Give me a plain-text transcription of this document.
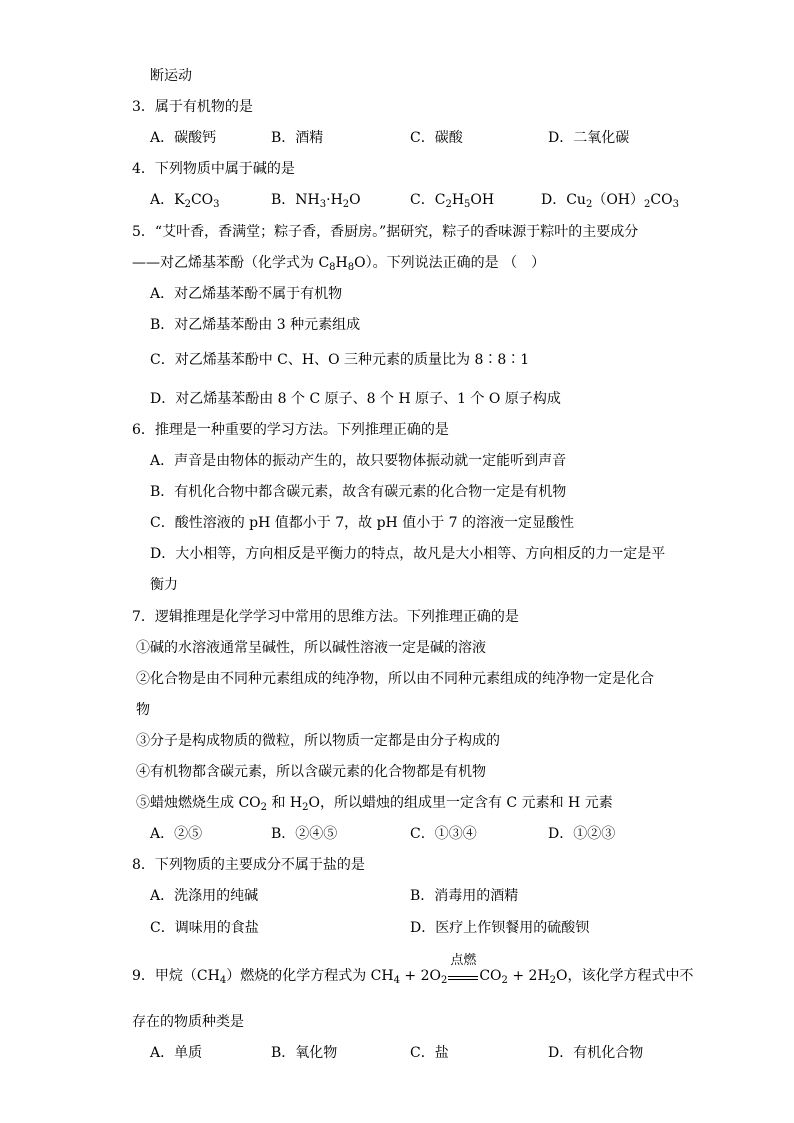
断运动
3．属于有机物的是
A．碳酸钙	B．酒精	C．碳酸	D．二氧化碳
4．下列物质中属于碱的是
A．$K_2CO_3$	B．$NH_3\cdot H_2O$	C．$C_2H_5OH$	D．$Cu_2(OH)_2CO_3$
5．“艾叶香，香满堂；粽子香，香厨房。”据研究，粽子的香味源于粽叶的主要成分
——对乙烯基苯酚（化学式为 $C_8H_8O$）。下列说法正确的是 （　）
A．对乙烯基苯酚不属于有机物
B．对乙烯基苯酚由 3 种元素组成
C．对乙烯基苯酚中 C、H、O 三种元素的质量比为 8∶8∶1
D．对乙烯基苯酚由 8 个 C 原子、8 个 H 原子、1 个 O 原子构成
6．推理是一种重要的学习方法。下列推理正确的是
A．声音是由物体的振动产生的，故只要物体振动就一定能听到声音
B．有机化合物中都含碳元素，故含有碳元素的化合物一定是有机物
C．酸性溶液的 pH 值都小于 7，故 pH 值小于 7 的溶液一定显酸性
D．大小相等，方向相反是平衡力的特点，故凡是大小相等、方向相反的力一定是平
衡力
7．逻辑推理是化学学习中常用的思维方法。下列推理正确的是
①碱的水溶液通常呈碱性，所以碱性溶液一定是碱的溶液
②化合物是由不同种元素组成的纯净物，所以由不同种元素组成的纯净物一定是化合
物
③分子是构成物质的微粒，所以物质一定都是由分子构成的
④有机物都含碳元素，所以含碳元素的化合物都是有机物
⑤蜡烛燃烧生成 $CO_2$ 和 $H_2O$，所以蜡烛的组成里一定含有 C 元素和 H 元素
A．②⑤	B．②④⑤	C．①③④	D．①②③
8．下列物质的主要成分不属于盐的是
A．洗涤用的纯碱	B．消毒用的酒精
C．调味用的食盐	D．医疗上作钡餐用的硫酸钡
9．甲烷$(CH_4)$燃烧的化学方程式为 $CH_4 + 2O_2$
点燃
$CO_2 + 2H_2O$，该化学方程式中不
存在的物质种类是
A．单质	B．氧化物	C．盐	D．有机化合物
